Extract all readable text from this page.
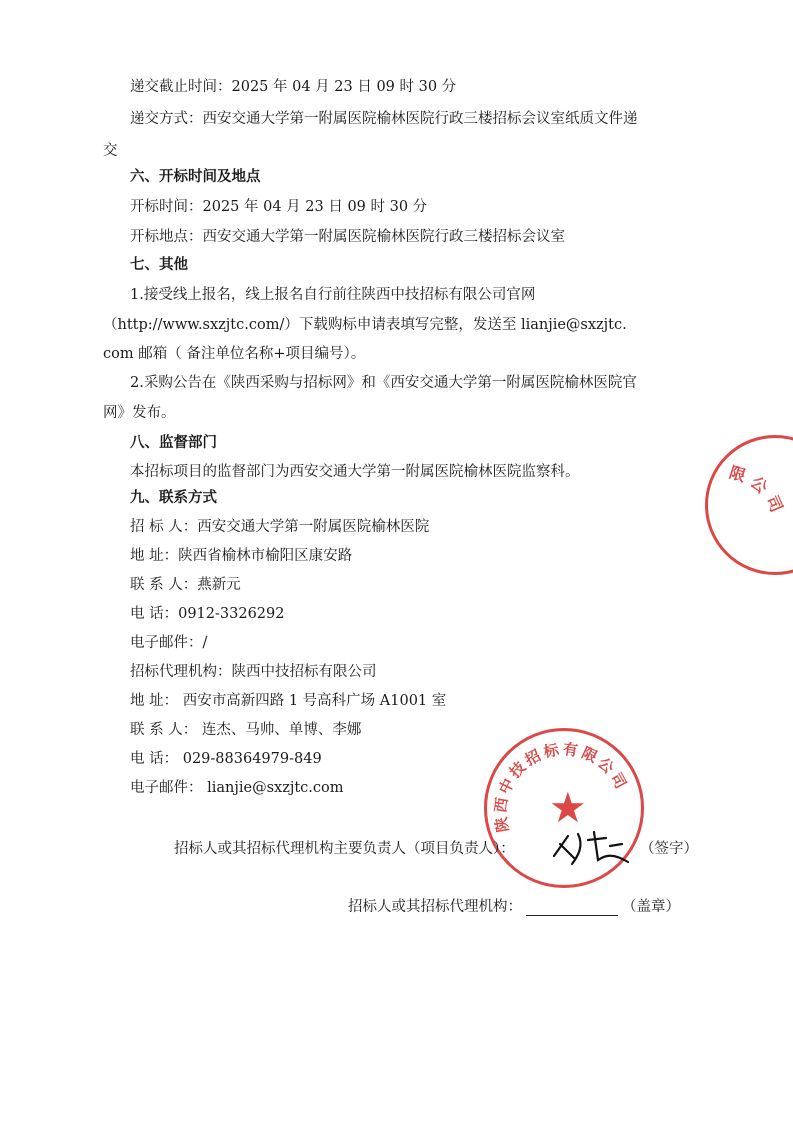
递交截止时间：2025 年 04 月 23 日 09 时 30 分
递交方式：西安交通大学第一附属医院榆林医院行政三楼招标会议室纸质文件递
交
六、开标时间及地点
开标时间：2025 年 04 月 23 日 09 时 30 分
开标地点：西安交通大学第一附属医院榆林医院行政三楼招标会议室
七、其他
1.接受线上报名，线上报名自行前往陕西中技招标有限公司官网
（http://www.sxzjtc.com/）下载购标申请表填写完整，发送至 lianjie@sxzjtc.
com 邮箱（ 备注单位名称+项目编号）。
2.采购公告在《陕西采购与招标网》和《西安交通大学第一附属医院榆林医院官
网》发布。
八、监督部门
本招标项目的监督部门为西安交通大学第一附属医院榆林医院监察科。
九、联系方式
招 标 人：西安交通大学第一附属医院榆林医院
地 址：陕西省榆林市榆阳区康安路
联 系 人：燕新元
电 话：0912-3326292
电子邮件：/
招标代理机构：陕西中技招标有限公司
地 址： 西安市高新四路 1 号高科广场 A1001 室
联 系 人： 连杰、马帅、单博、李娜
电 话： 029-88364979-849
电子邮件： lianjie@sxzjtc.com	★
陕西中技招标有限公司
招标人或其招标代理机构主要负责人（项目负责人）：	（签字）
招标人或其招标代理机构：	（盖章）
限公司
